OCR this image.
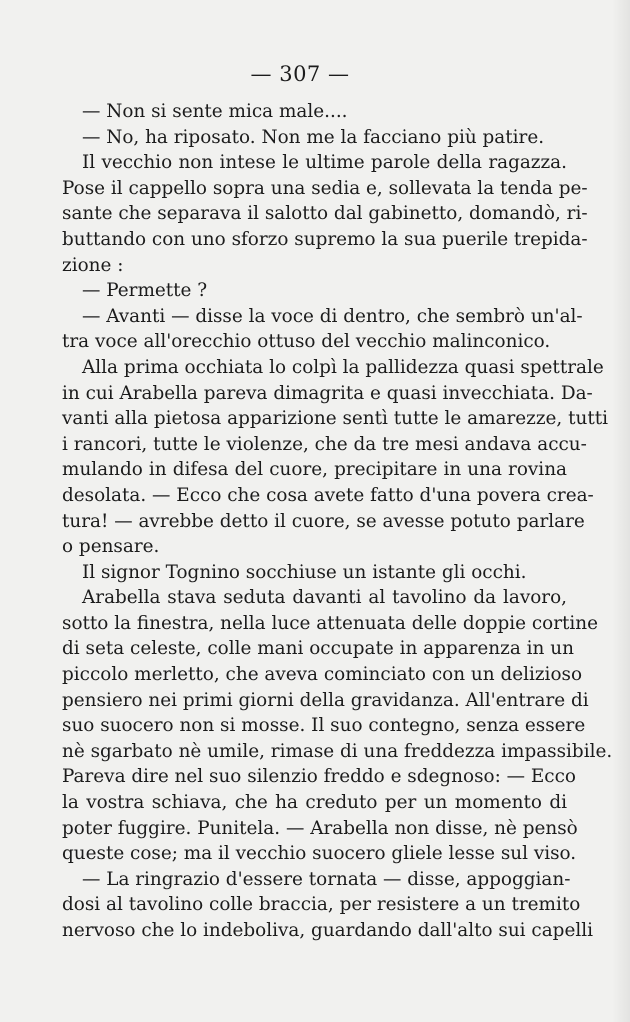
— 307 —
— Non si sente mica male....
— No, ha riposato. Non me la facciano più patire.
Il vecchio non intese le ultime parole della ragazza.
Pose il cappello sopra una sedia e, sollevata la tenda pe-
sante che separava il salotto dal gabinetto, domandò, ri-
buttando con uno sforzo supremo la sua puerile trepida-
zione :
— Permette ?
— Avanti — disse la voce di dentro, che sembrò un'al-
tra voce all'orecchio ottuso del vecchio malinconico.
Alla prima occhiata lo colpì la pallidezza quasi spettrale
in cui Arabella pareva dimagrita e quasi invecchiata. Da-
vanti alla pietosa apparizione sentì tutte le amarezze, tutti
i rancori, tutte le violenze, che da tre mesi andava accu-
mulando in difesa del cuore, precipitare in una rovina
desolata. — Ecco che cosa avete fatto d'una povera crea-
tura! — avrebbe detto il cuore, se avesse potuto parlare
o pensare.
Il signor Tognino socchiuse un istante gli occhi.
Arabella stava seduta davanti al tavolino da lavoro,
sotto la finestra, nella luce attenuata delle doppie cortine
di seta celeste, colle mani occupate in apparenza in un
piccolo merletto, che aveva cominciato con un delizioso
pensiero nei primi giorni della gravidanza. All'entrare di
suo suocero non si mosse. Il suo contegno, senza essere
nè sgarbato nè umile, rimase di una freddezza impassibile.
Pareva dire nel suo silenzio freddo e sdegnoso: — Ecco
la vostra schiava, che ha creduto per un momento di
poter fuggire. Punitela. — Arabella non disse, nè pensò
queste cose; ma il vecchio suocero gliele lesse sul viso.
— La ringrazio d'essere tornata — disse, appoggian-
dosi al tavolino colle braccia, per resistere a un tremito
nervoso che lo indeboliva, guardando dall'alto sui capelli
